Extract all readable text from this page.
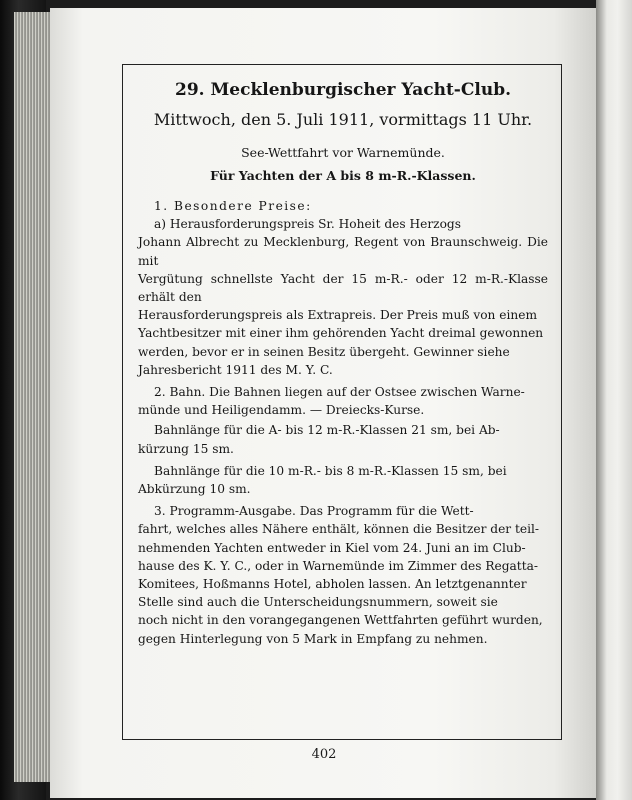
29. Mecklenburgischer Yacht-Club.
Mittwoch, den 5. Juli 1911, vormittags 11 Uhr.
See-Wettfahrt vor Warnemünde.
Für Yachten der A bis 8 m-R.-Klassen.

1. Besondere Preise:

a) Herausforderungspreis Sr. Hoheit des Herzogs

Johann Albrecht zu Mecklenburg, Regent von Braunschweig. Die mit

Vergütung schnellste Yacht der 15 m-R.- oder 12 m-R.-Klasse erhält den

Herausforderungspreis als Extrapreis. Der Preis muß von einem

Yachtbesitzer mit einer ihm gehörenden Yacht dreimal gewonnen

werden, bevor er in seinen Besitz übergeht. Gewinner siehe

Jahresbericht 1911 des M. Y. C.

2. Bahn. Die Bahnen liegen auf der Ostsee zwischen Warne-

münde und Heiligendamm. — Dreiecks-Kurse.

Bahnlänge für die A- bis 12 m-R.-Klassen 21 sm, bei Ab-

kürzung 15 sm.

Bahnlänge für die 10 m-R.- bis 8 m-R.-Klassen 15 sm, bei

Abkürzung 10 sm.

3. Programm-Ausgabe. Das Programm für die Wett-

fahrt, welches alles Nähere enthält, können die Besitzer der teil-

nehmenden Yachten entweder in Kiel vom 24. Juni an im Club-

hause des K. Y. C., oder in Warnemünde im Zimmer des Regatta-

Komitees, Hoßmanns Hotel, abholen lassen. An letztgenannter

Stelle sind auch die Unterscheidungsnummern, soweit sie

noch nicht in den vorangegangenen Wettfahrten geführt wurden,

gegen Hinterlegung von 5 Mark in Empfang zu nehmen.

402
